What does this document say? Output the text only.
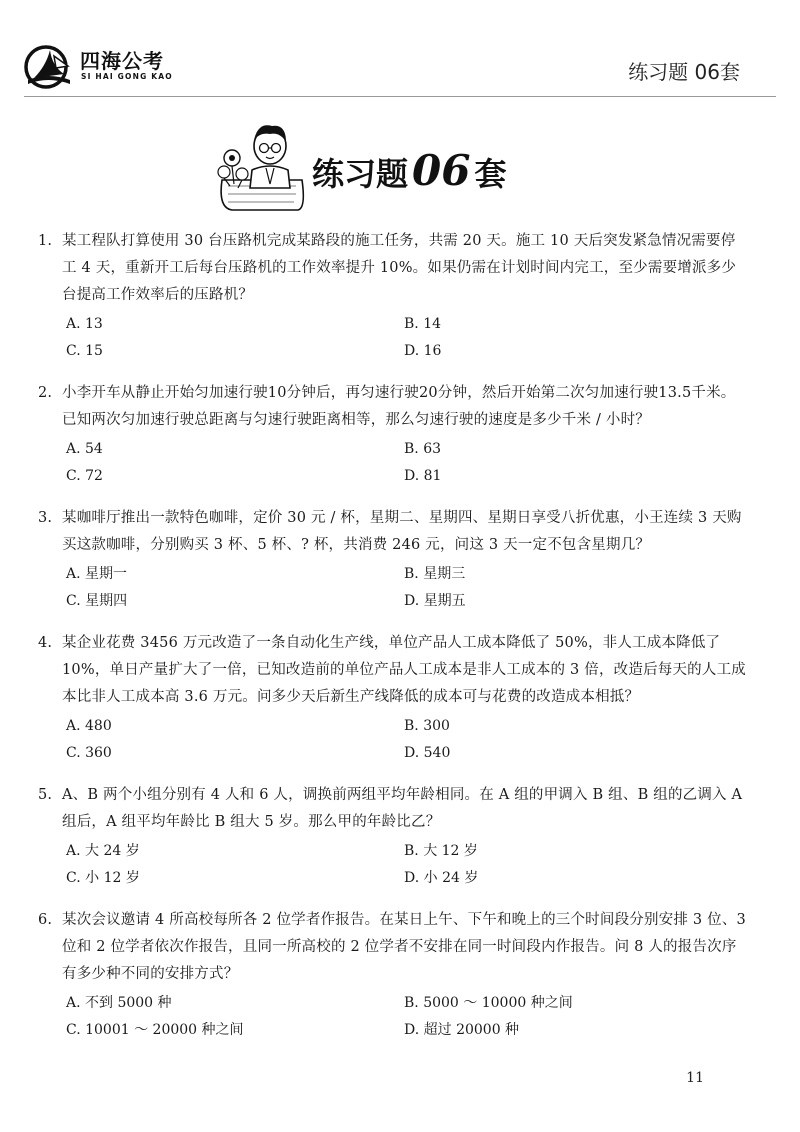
四海公考
SI HAI GONG KAO	练习题 06套
练习题06 套
1. 某工程队打算使用 30 台压路机完成某路段的施工任务，共需 20 天。施工 10 天后突发紧急情况需要停工 4 天，重新开工后每台压路机的工作效率提升 10%。如果仍需在计划时间内完工，至少需要增派多少台提高工作效率后的压路机？
A. 13	B. 14
C. 15	D. 16
2. 小李开车从静止开始匀加速行驶10分钟后，再匀速行驶20分钟，然后开始第二次匀加速行驶13.5千米。已知两次匀加速行驶总距离与匀速行驶距离相等，那么匀速行驶的速度是多少千米 / 小时？
A. 54	B. 63
C. 72	D. 81
3. 某咖啡厅推出一款特色咖啡，定价 30 元 / 杯，星期二、星期四、星期日享受八折优惠，小王连续 3 天购买这款咖啡，分别购买 3 杯、5 杯、? 杯，共消费 246 元，问这 3 天一定不包含星期几？
A. 星期一	B. 星期三
C. 星期四	D. 星期五
4. 某企业花费 3456 万元改造了一条自动化生产线，单位产品人工成本降低了 50%，非人工成本降低了 10%，单日产量扩大了一倍，已知改造前的单位产品人工成本是非人工成本的 3 倍，改造后每天的人工成本比非人工成本高 3.6 万元。问多少天后新生产线降低的成本可与花费的改造成本相抵？
A. 480	B. 300
C. 360	D. 540
5. A、B 两个小组分别有 4 人和 6 人，调换前两组平均年龄相同。在 A 组的甲调入 B 组、B 组的乙调入 A 组后，A 组平均年龄比 B 组大 5 岁。那么甲的年龄比乙？
A. 大 24 岁	B. 大 12 岁
C. 小 12 岁	D. 小 24 岁
6. 某次会议邀请 4 所高校每所各 2 位学者作报告。在某日上午、下午和晚上的三个时间段分别安排 3 位、3 位和 2 位学者依次作报告，且同一所高校的 2 位学者不安排在同一时间段内作报告。问 8 人的报告次序有多少种不同的安排方式？
A. 不到 5000 种	B. 5000 ～ 10000 种之间
C. 10001 ～ 20000 种之间	D. 超过 20000 种
11
